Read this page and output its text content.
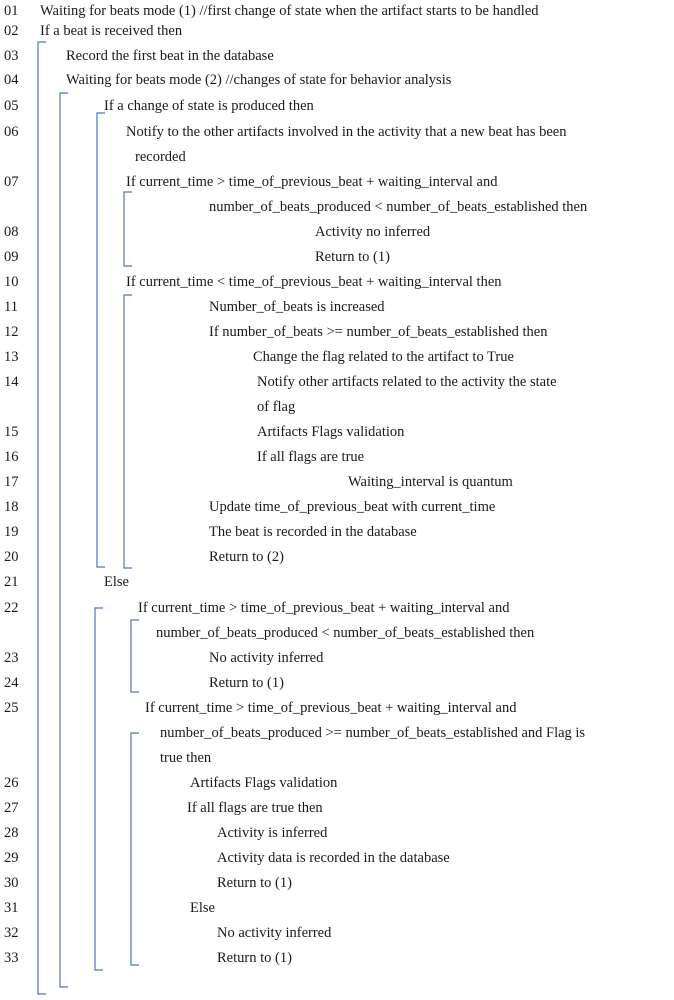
01	Waiting for beats mode (1) //first change of state when the artifact starts to be handled
02	If a beat is received then
03	Record the first beat in the database
04	Waiting for beats mode (2) //changes of state for behavior analysis
05	If a change of state is produced then
06	Notify to the other artifacts involved in the activity that a new beat has been
recorded
07	If current_time > time_of_previous_beat + waiting_interval and
number_of_beats_produced < number_of_beats_established then
08	Activity no inferred
09	Return to (1)
10	If current_time < time_of_previous_beat + waiting_interval then
11	Number_of_beats is increased
12	If number_of_beats >= number_of_beats_established then
13	Change the flag related to the artifact to True
14	Notify other artifacts related to the activity the state
of flag
15	Artifacts Flags validation
16	If all flags are true
17	Waiting_interval is quantum
18	Update time_of_previous_beat with current_time
19	The beat is recorded in the database
20	Return to (2)
21	Else
22	If current_time > time_of_previous_beat + waiting_interval and
number_of_beats_produced < number_of_beats_established then
23	No activity inferred
24	Return to (1)
25	If current_time > time_of_previous_beat + waiting_interval and
number_of_beats_produced >= number_of_beats_established and Flag is
true then
26	Artifacts Flags validation
27	If all flags are true then
28	Activity is inferred
29	Activity data is recorded in the database
30	Return to (1)
31	Else
32	No activity inferred
33	Return to (1)
